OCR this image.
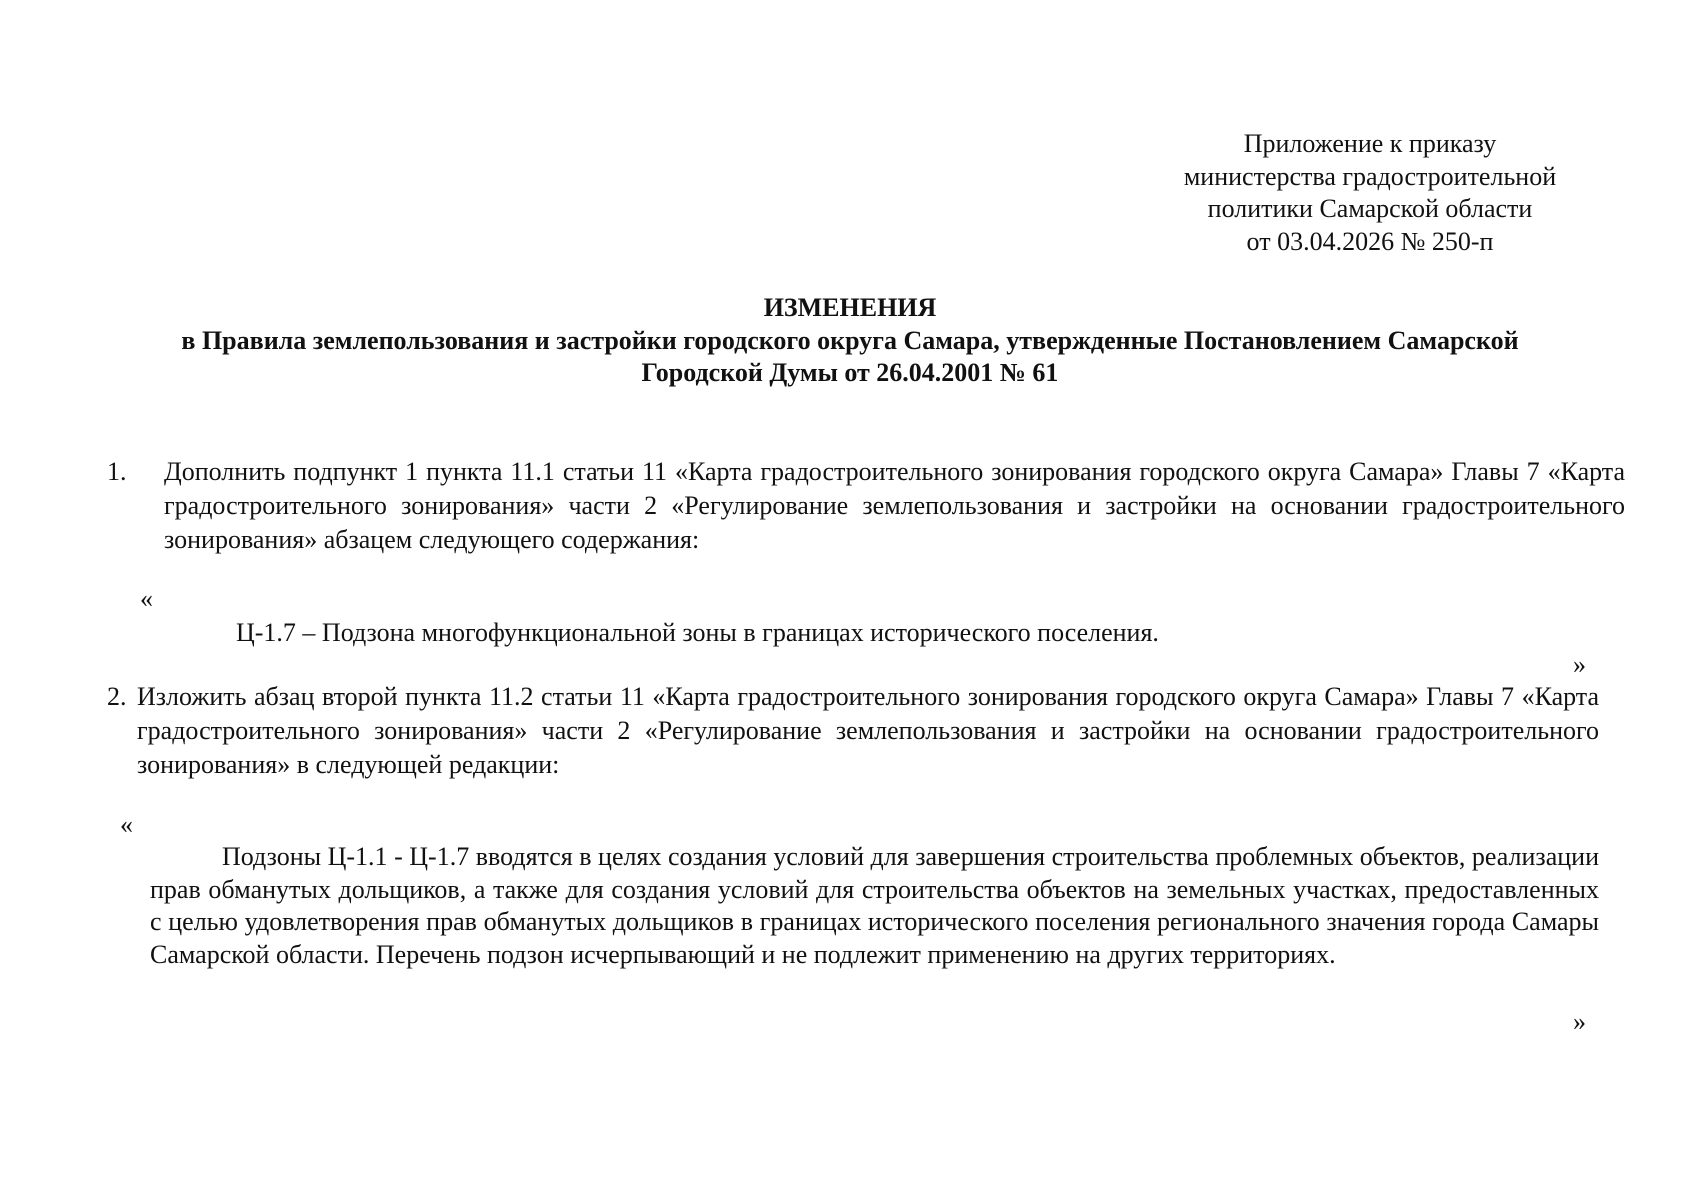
Приложение к приказу
министерства градостроительной
политики Самарской области
от 03.04.2026 № 250-п
ИЗМЕНЕНИЯ
в Правила землепользования и застройки городского округа Самара, утвержденные Постановлением Самарской
Городской Думы от 26.04.2001 № 61
1. Дополнить подпункт 1 пункта 11.1 статьи 11 «Карта градостроительного зонирования городского округа Самара» Главы 7 «Карта градостроительного зонирования» части 2 «Регулирование землепользования и застройки на основании градостроительного зонирования» абзацем следующего содержания:
«
Ц-1.7 – Подзона многофункциональной зоны в границах исторического поселения.
»
2. Изложить абзац второй пункта 11.2 статьи 11 «Карта градостроительного зонирования городского округа Самара» Главы 7 «Карта градостроительного зонирования» части 2 «Регулирование землепользования и застройки на основании градостроительного зонирования» в следующей редакции:
«
Подзоны Ц-1.1 - Ц-1.7 вводятся в целях создания условий для завершения строительства проблемных объектов, реализации прав обманутых дольщиков, а также для создания условий для строительства объектов на земельных участках, предоставленных с целью удовлетворения прав обманутых дольщиков в границах исторического поселения регионального значения города Самары Самарской области. Перечень подзон исчерпывающий и не подлежит применению на других территориях.
»
